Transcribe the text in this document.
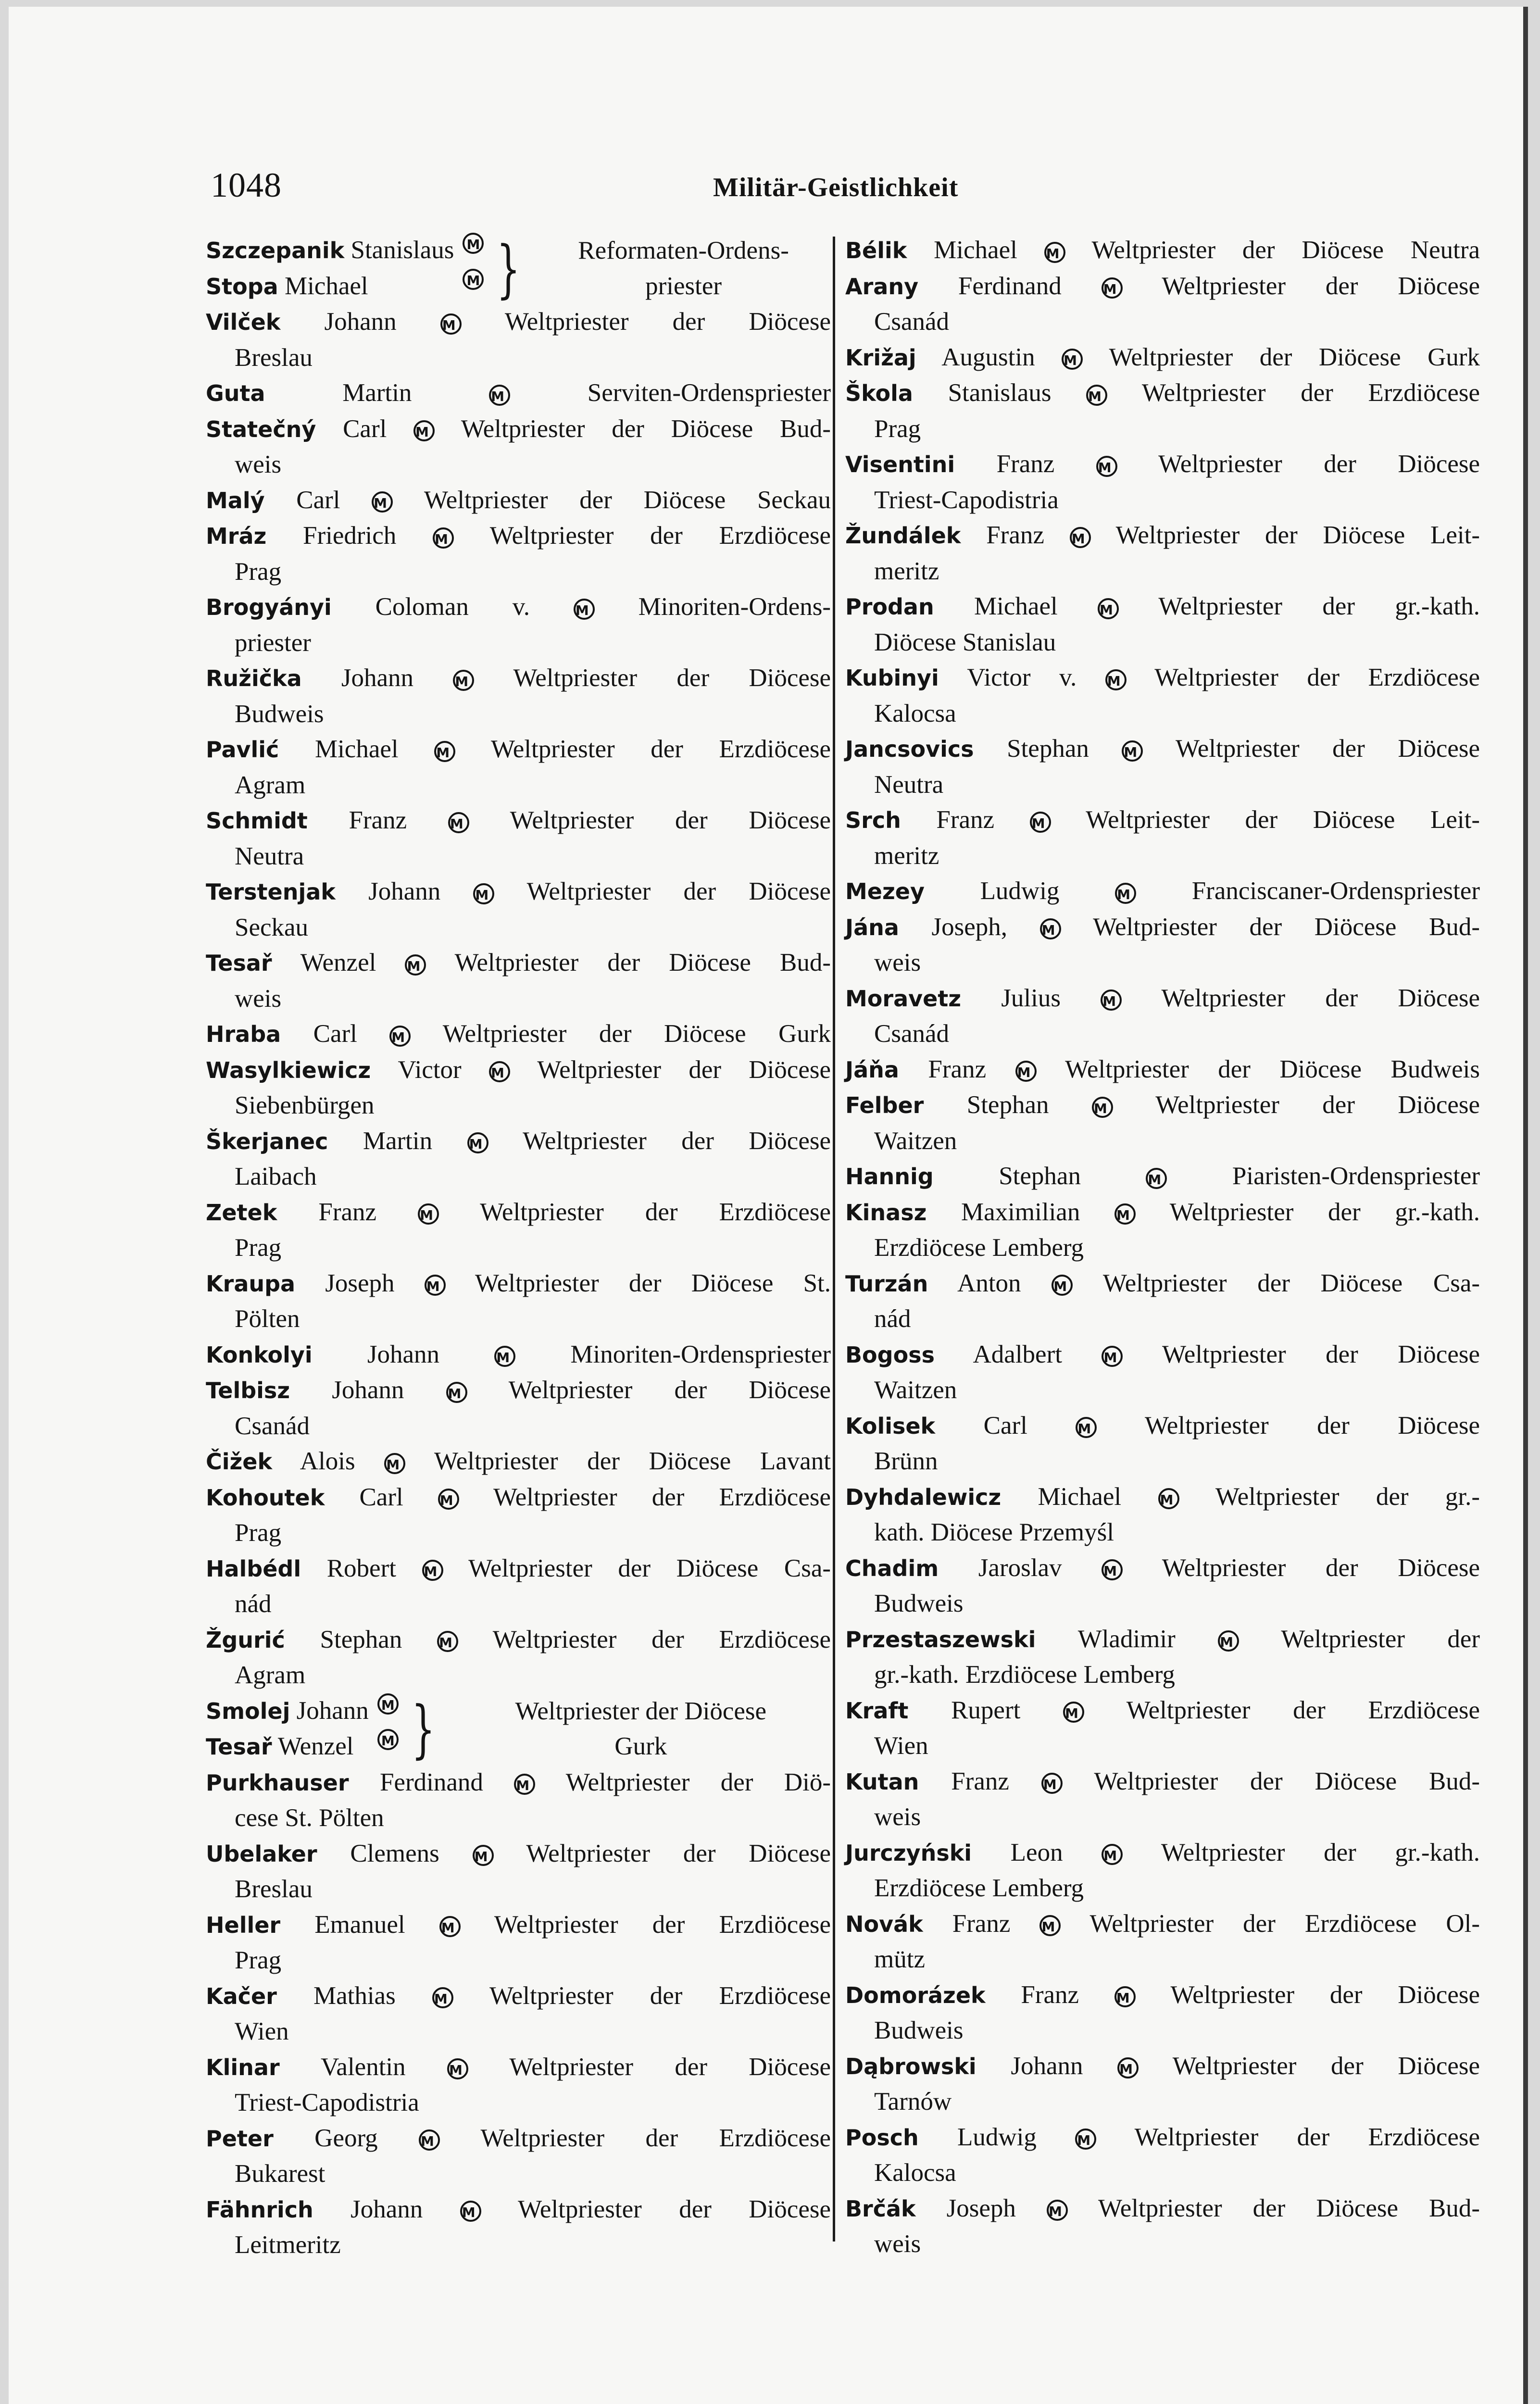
1048	Militär-Geistlichkeit
Szczepanik Stanislaus M
Stopa Michael	M }	Reformaten-Ordens-
priester
Vilček Johann	M Weltpriester der Diöcese
Breslau
Guta	Martin	M	Serviten-Ordenspriester
Statečný Carl M Weltpriester der Diöcese Bud-
weis
Malý Carl M Weltpriester der Diöcese Seckau
Mráz Friedrich	M Weltpriester der Erzdiöcese
Prag
Brogyányi Coloman v.	M Minoriten-Ordens-
priester
Ružička Johann	M Weltpriester der Diöcese
Budweis
Pavlić Michael	M Weltpriester der Erzdiöcese
Agram
Schmidt Franz	M Weltpriester der Diöcese
Neutra
Terstenjak Johann	M Weltpriester der Diöcese
Seckau
Tesař Wenzel M Weltpriester der Diöcese Bud-
weis
Hraba Carl	M Weltpriester der Diöcese Gurk
Wasylkiewicz Victor M Weltpriester der Diöcese
Siebenbürgen
Škerjanec Martin	M Weltpriester der Diöcese
Laibach
Zetek Franz	M Weltpriester der Erzdiöcese
Prag
Kraupa Joseph M Weltpriester der Diöcese St.
Pölten
Konkolyi Johann	M Minoriten-Ordenspriester
Telbisz Johann	M Weltpriester der Diöcese
Csanád
Čižek Alois M Weltpriester der Diöcese Lavant
Kohoutek Carl	M Weltpriester der Erzdiöcese
Prag
Halbédl Robert M Weltpriester der Diöcese Csa-
nád
Žgurić Stephan	M Weltpriester der Erzdiöcese
Agram
Smolej Johann M
Tesař Wenzel M }	Weltpriester der Diöcese
Gurk
Purkhauser Ferdinand M Weltpriester der Diö-
cese St. Pölten
Ubelaker Clemens	M Weltpriester der Diöcese
Breslau
Heller Emanuel	M Weltpriester der Erzdiöcese
Prag
Kačer Mathias	M Weltpriester der Erzdiöcese
Wien
Klinar Valentin	M Weltpriester der Diöcese
Triest-Capodistria
Peter Georg	M Weltpriester der Erzdiöcese
Bukarest
Fähnrich Johann	M Weltpriester der Diöcese
Leitmeritz
Bélik Michael M Weltpriester der Diöcese Neutra
Arany Ferdinand	M Weltpriester der Diöcese
Csanád
Križaj Augustin M Weltpriester der Diöcese Gurk
Škola Stanislaus	M Weltpriester der Erzdiöcese
Prag
Visentini Franz	M Weltpriester der Diöcese
Triest-Capodistria
Žundálek Franz M Weltpriester der Diöcese Leit-
meritz
Prodan Michael	M Weltpriester der gr.-kath.
Diöcese Stanislau
Kubinyi Victor v. M Weltpriester der Erzdiöcese
Kalocsa
Jancsovics Stephan	M Weltpriester der Diöcese
Neutra
Srch Franz	M Weltpriester der Diöcese Leit-
meritz
Mezey Ludwig	M Franciscaner-Ordenspriester
Jána Joseph,	M Weltpriester der Diöcese Bud-
weis
Moravetz Julius	M Weltpriester der Diöcese
Csanád
Jáňa Franz M Weltpriester der Diöcese Budweis
Felber Stephan	M Weltpriester der Diöcese
Waitzen
Hannig	Stephan	M	Piaristen-Ordenspriester
Kinasz Maximilian	M Weltpriester der gr.-kath.
Erzdiöcese Lemberg
Turzán Anton M Weltpriester der Diöcese Csa-
nád
Bogoss Adalbert	M Weltpriester der Diöcese
Waitzen
Kolisek Carl	M Weltpriester der Diöcese
Brünn
Dyhdalewicz Michael	M Weltpriester der gr.-
kath. Diöcese Przemyśl
Chadim Jaroslav	M Weltpriester der Diöcese
Budweis
Przestaszewski Wladimir	M Weltpriester der
gr.-kath. Erzdiöcese Lemberg
Kraft Rupert	M Weltpriester der Erzdiöcese
Wien
Kutan Franz	M Weltpriester der Diöcese Bud-
weis
Jurczyński Leon	M Weltpriester der gr.-kath.
Erzdiöcese Lemberg
Novák Franz M Weltpriester der Erzdiöcese Ol-
mütz
Domorázek Franz	M Weltpriester der Diöcese
Budweis
Dąbrowski Johann	M Weltpriester der Diöcese
Tarnów
Posch Ludwig	M Weltpriester der Erzdiöcese
Kalocsa
Brčák Joseph M Weltpriester der Diöcese Bud-
weis
